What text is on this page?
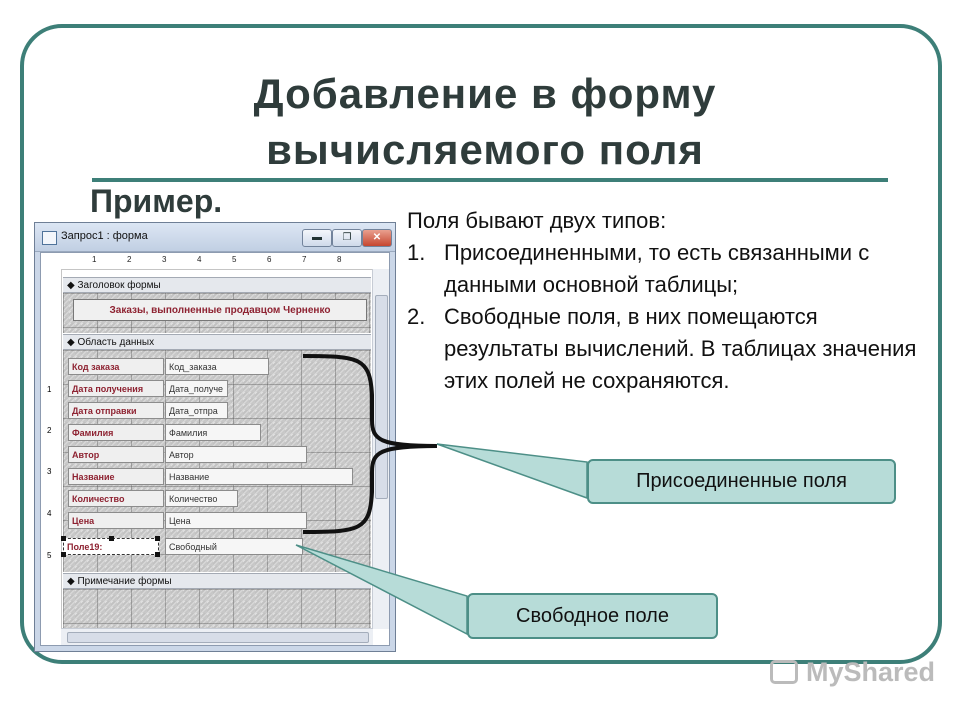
Добавление в форму
вычисляемого поля
Пример.
Поля бывают двух типов:
1. Присоединенными, то есть связанными с данными основной таблицы;
2. Свободные поля, в них помещаются результаты вычислений. В таблицах значения этих полей не сохраняются.
Запрос1 : форма	▬	❐	✕
1	2	3	4	5	6	7	8
1
2
3
4
5
◆ Заголовок формы
Заказы, выполненные продавцом Черненко
◆ Область данных
Код заказа	Код_заказа
Дата получения	Дата_получе
Дата отправки	Дата_отпра
Фамилия	Фамилия
Автор	Автор
Название	Название
Количество	Количество
Цена	Цена
Поле19:	Свободный
◆ Примечание формы
Присоединенные поля
Свободное поле
MyShared
